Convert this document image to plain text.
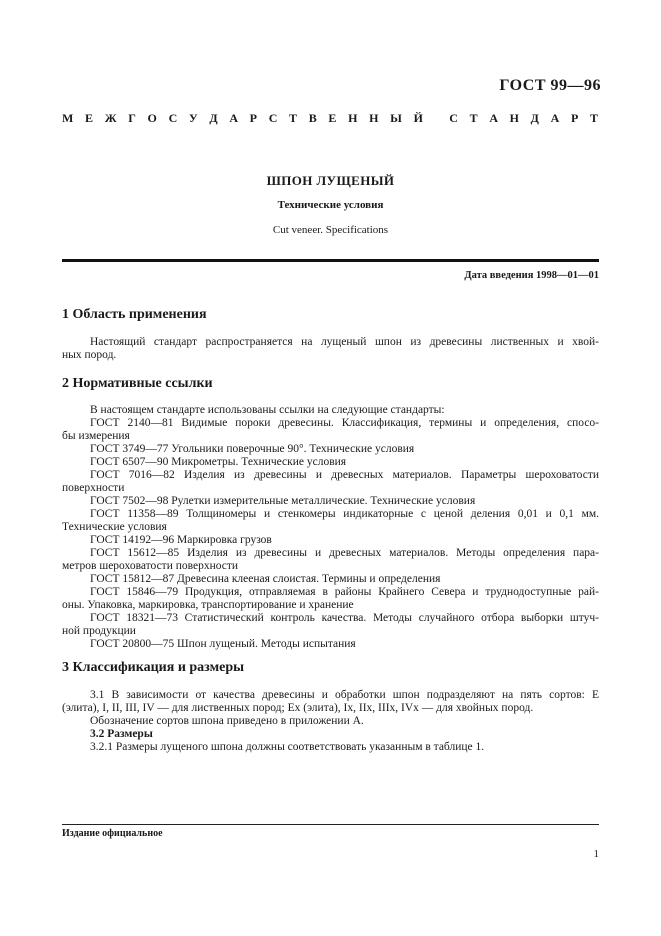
ГОСТ 99—96
М Е Ж Г О С У Д А Р С Т В Е Н Н Ы Й
С Т А Н Д А Р Т
ШПОН ЛУЩЕНЫЙ
Технические условия
Cut veneer. Specifications
Дата введения 1998—01—01
1 Область применения

Настоящий стандарт распространяется на лущеный шпон из древесины лиственных и хвой-

ных пород.

2 Нормативные ссылки

В настоящем стандарте использованы ссылки на следующие стандарты:

ГОСТ 2140—81 Видимые пороки древесины. Классификация, термины и определения, спосо-

бы измерения

ГОСТ 3749—77 Угольники поверочные 90°. Технические условия

ГОСТ 6507—90 Микрометры. Технические условия

ГОСТ 7016—82 Изделия из древесины и древесных материалов. Параметры шероховатости

поверхности

ГОСТ 7502—98 Рулетки измерительные металлические. Технические условия

ГОСТ 11358—89 Толщиномеры и стенкомеры индикаторные с ценой деления 0,01 и 0,1 мм.

Технические условия

ГОСТ 14192—96 Маркировка грузов

ГОСТ 15612—85 Изделия из древесины и древесных материалов. Методы определения пара-

метров шероховатости поверхности

ГОСТ 15812—87 Древесина клееная слоистая. Термины и определения

ГОСТ 15846—79 Продукция, отправляемая в районы Крайнего Севера и труднодоступные рай-

оны. Упаковка, маркировка, транспортирование и хранение

ГОСТ 18321—73 Статистический контроль качества. Методы случайного отбора выборки штуч-

ной продукции

ГОСТ 20800—75 Шпон лущеный. Методы испытания

3 Классификация и размеры

3.1 В зависимости от качества древесины и обработки шпон подразделяют на пять сортов: Е

(элита), I, II, III, IV — для лиственных пород; Ех (элита), Iх, IIх, IIIх, IVх — для хвойных пород.

Обозначение сортов шпона приведено в приложении А.

3.2 Размеры

3.2.1 Размеры лущеного шпона должны соответствовать указанным в таблице 1.

Издание официальное
1
